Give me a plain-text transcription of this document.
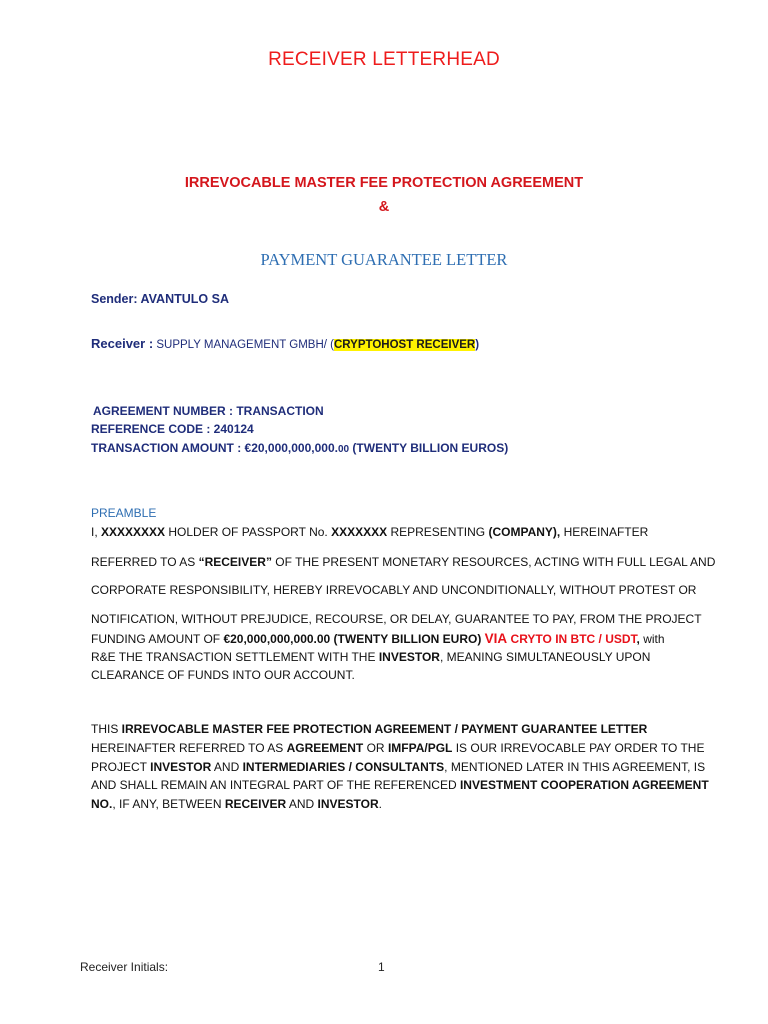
RECEIVER LETTERHEAD
IRREVOCABLE MASTER FEE PROTECTION AGREEMENT
&
PAYMENT GUARANTEE LETTER
Sender: AVANTULO SA
Receiver : SUPPLY MANAGEMENT GMBH/ (CRYPTOHOST RECEIVER)
AGREEMENT NUMBER : TRANSACTION
REFERENCE CODE : 240124
TRANSACTION AMOUNT : €20,000,000,000.00 (TWENTY BILLION EUROS)
PREAMBLE
I, XXXXXXXX HOLDER OF PASSPORT No. XXXXXXX REPRESENTING (COMPANY), HEREINAFTER
REFERRED TO AS “RECEIVER” OF THE PRESENT MONETARY RESOURCES, ACTING WITH FULL LEGAL AND
CORPORATE RESPONSIBILITY, HEREBY IRREVOCABLY AND UNCONDITIONALLY, WITHOUT PROTEST OR
NOTIFICATION, WITHOUT PREJUDICE, RECOURSE, OR DELAY, GUARANTEE TO PAY, FROM THE PROJECT
FUNDING AMOUNT OF €20,000,000,000.00 (TWENTY BILLION EURO) VIA CRYTO IN BTC / USDT, with
R&E THE TRANSACTION SETTLEMENT WITH THE INVESTOR, MEANING SIMULTANEOUSLY UPON
CLEARANCE OF FUNDS INTO OUR ACCOUNT.
THIS IRREVOCABLE MASTER FEE PROTECTION AGREEMENT / PAYMENT GUARANTEE LETTER
HEREINAFTER REFERRED TO AS AGREEMENT OR IMFPA/PGL IS OUR IRREVOCABLE PAY ORDER TO THE
PROJECT INVESTOR AND INTERMEDIARIES / CONSULTANTS, MENTIONED LATER IN THIS AGREEMENT, IS
AND SHALL REMAIN AN INTEGRAL PART OF THE REFERENCED INVESTMENT COOPERATION AGREEMENT
NO., IF ANY, BETWEEN RECEIVER AND INVESTOR.
Receiver Initials:	1
